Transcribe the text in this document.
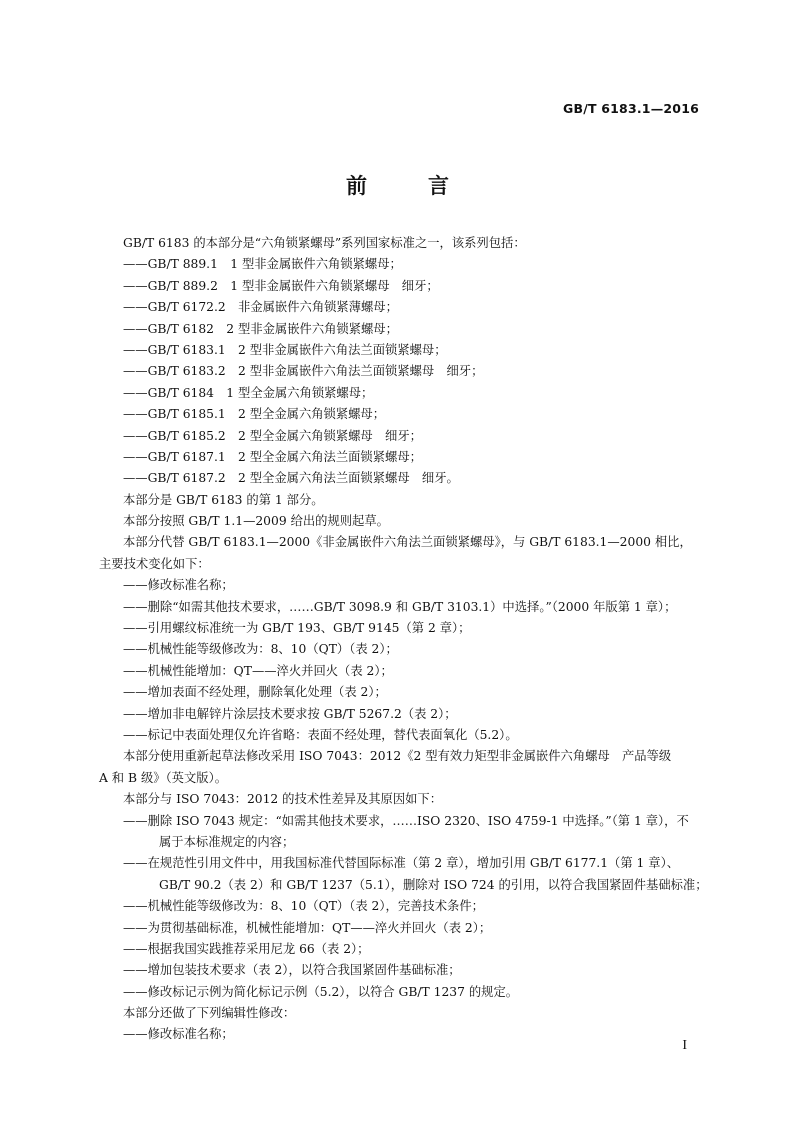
GB/T 6183.1—2016
前　言
GB/T 6183 的本部分是“六角锁紧螺母”系列国家标准之一，该系列包括：
——GB/T 889.1　1 型非金属嵌件六角锁紧螺母；
——GB/T 889.2　1 型非金属嵌件六角锁紧螺母　细牙；
——GB/T 6172.2　非金属嵌件六角锁紧薄螺母；
——GB/T 6182　2 型非金属嵌件六角锁紧螺母；
——GB/T 6183.1　2 型非金属嵌件六角法兰面锁紧螺母；
——GB/T 6183.2　2 型非金属嵌件六角法兰面锁紧螺母　细牙；
——GB/T 6184　1 型全金属六角锁紧螺母；
——GB/T 6185.1　2 型全金属六角锁紧螺母；
——GB/T 6185.2　2 型全金属六角锁紧螺母　细牙；
——GB/T 6187.1　2 型全金属六角法兰面锁紧螺母；
——GB/T 6187.2　2 型全金属六角法兰面锁紧螺母　细牙。
本部分是 GB/T 6183 的第 1 部分。
本部分按照 GB/T 1.1—2009 给出的规则起草。
本部分代替 GB/T 6183.1—2000《非金属嵌件六角法兰面锁紧螺母》，与 GB/T 6183.1—2000 相比，
主要技术变化如下：
——修改标准名称；
——删除“如需其他技术要求，……GB/T 3098.9 和 GB/T 3103.1）中选择。”（2000 年版第 1 章）；
——引用螺纹标准统一为 GB/T 193、GB/T 9145（第 2 章）；
——机械性能等级修改为：8、10（QT）（表 2）；
——机械性能增加：QT——淬火并回火（表 2）；
——增加表面不经处理，删除氧化处理（表 2）；
——增加非电解锌片涂层技术要求按 GB/T 5267.2（表 2）；
——标记中表面处理仅允许省略：表面不经处理，替代表面氧化（5.2）。
本部分使用重新起草法修改采用 ISO 7043：2012《2 型有效力矩型非金属嵌件六角螺母　产品等级
A 和 B 级》（英文版）。
本部分与 ISO 7043：2012 的技术性差异及其原因如下：
——删除 ISO 7043 规定：“如需其他技术要求，……ISO 2320、ISO 4759-1 中选择。”（第 1 章），不
属于本标准规定的内容；
——在规范性引用文件中，用我国标准代替国际标准（第 2 章），增加引用 GB/T 6177.1（第 1 章）、
GB/T 90.2（表 2）和 GB/T 1237（5.1），删除对 ISO 724 的引用，以符合我国紧固件基础标准；
——机械性能等级修改为：8、10（QT）（表 2），完善技术条件；
——为贯彻基础标准，机械性能增加：QT——淬火并回火（表 2）；
——根据我国实践推荐采用尼龙 66（表 2）；
——增加包装技术要求（表 2），以符合我国紧固件基础标准；
——修改标记示例为简化标记示例（5.2），以符合 GB/T 1237 的规定。
本部分还做了下列编辑性修改：
——修改标准名称；
I
